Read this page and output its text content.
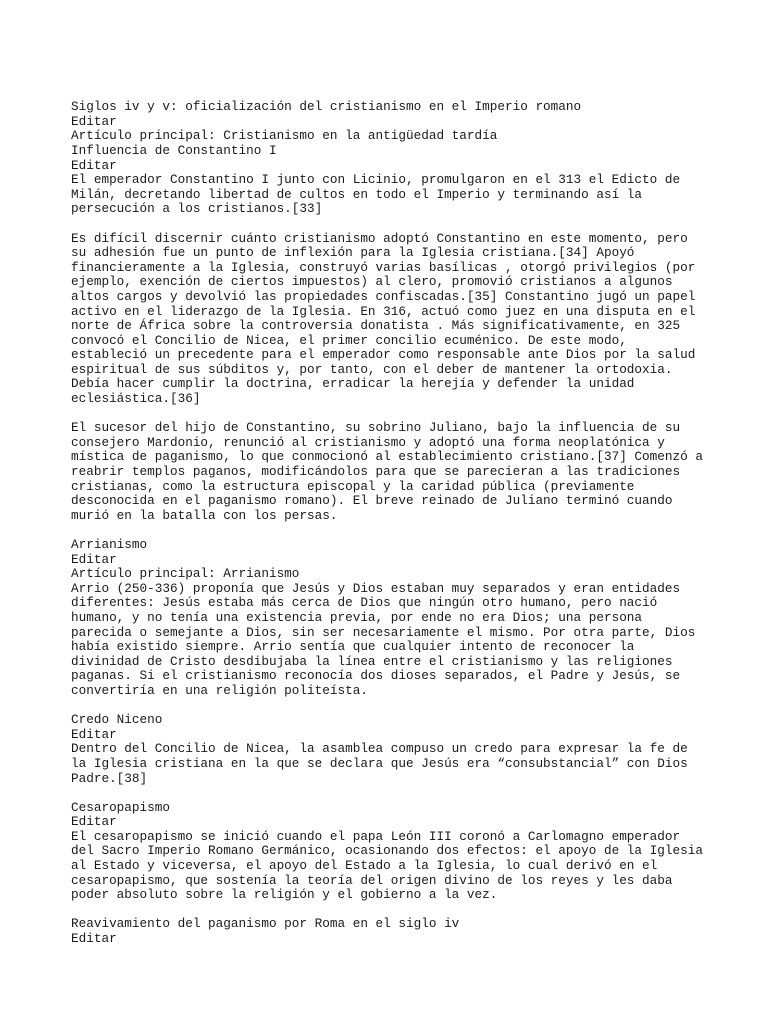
Siglos iv y v: oficialización del cristianismo en el Imperio romano
Editar
Artículo principal: Cristianismo en la antigüedad tardía
Influencia de Constantino I
Editar
El emperador Constantino I junto con Licinio, promulgaron en el 313 el Edicto de
Milán, decretando libertad de cultos en todo el Imperio y terminando así la
persecución a los cristianos.[33]
Es difícil discernir cuánto cristianismo adoptó Constantino en este momento, pero
su adhesión fue un punto de inflexión para la Iglesia cristiana.[34] Apoyó
financieramente a la Iglesia, construyó varias basílicas , otorgó privilegios (por
ejemplo, exención de ciertos impuestos) al clero, promovió cristianos a algunos
altos cargos y devolvió las propiedades confiscadas.[35] Constantino jugó un papel
activo en el liderazgo de la Iglesia. En 316, actuó como juez en una disputa en el
norte de África sobre la controversia donatista . Más significativamente, en 325
convocó el Concilio de Nicea, el primer concilio ecuménico. De este modo,
estableció un precedente para el emperador como responsable ante Dios por la salud
espiritual de sus súbditos y, por tanto, con el deber de mantener la ortodoxia.
Debía hacer cumplir la doctrina, erradicar la herejía y defender la unidad
eclesiástica.[36]
El sucesor del hijo de Constantino, su sobrino Juliano, bajo la influencia de su
consejero Mardonio, renunció al cristianismo y adoptó una forma neoplatónica y
mística de paganismo, lo que conmocionó al establecimiento cristiano.[37] Comenzó a
reabrir templos paganos, modificándolos para que se parecieran a las tradiciones
cristianas, como la estructura episcopal y la caridad pública (previamente
desconocida en el paganismo romano). El breve reinado de Juliano terminó cuando
murió en la batalla con los persas.
Arrianismo
Editar
Artículo principal: Arrianismo
Arrio (250-336) proponía que Jesús y Dios estaban muy separados y eran entidades
diferentes: Jesús estaba más cerca de Dios que ningún otro humano, pero nació
humano, y no tenía una existencia previa, por ende no era Dios; una persona
parecida o semejante a Dios, sin ser necesariamente el mismo. Por otra parte, Dios
había existido siempre. Arrio sentía que cualquier intento de reconocer la
divinidad de Cristo desdibujaba la línea entre el cristianismo y las religiones
paganas. Si el cristianismo reconocía dos dioses separados, el Padre y Jesús, se
convertiría en una religión politeísta.
Credo Niceno
Editar
Dentro del Concilio de Nicea, la asamblea compuso un credo para expresar la fe de
la Iglesia cristiana en la que se declara que Jesús era “consubstancial” con Dios
Padre.[38]
Cesaropapismo
Editar
El cesaropapismo se inició cuando el papa León III coronó a Carlomagno emperador
del Sacro Imperio Romano Germánico, ocasionando dos efectos: el apoyo de la Iglesia
al Estado y viceversa, el apoyo del Estado a la Iglesia, lo cual derivó en el
cesaropapismo, que sostenía la teoría del origen divino de los reyes y les daba
poder absoluto sobre la religión y el gobierno a la vez.
Reavivamiento del paganismo por Roma en el siglo iv
Editar
